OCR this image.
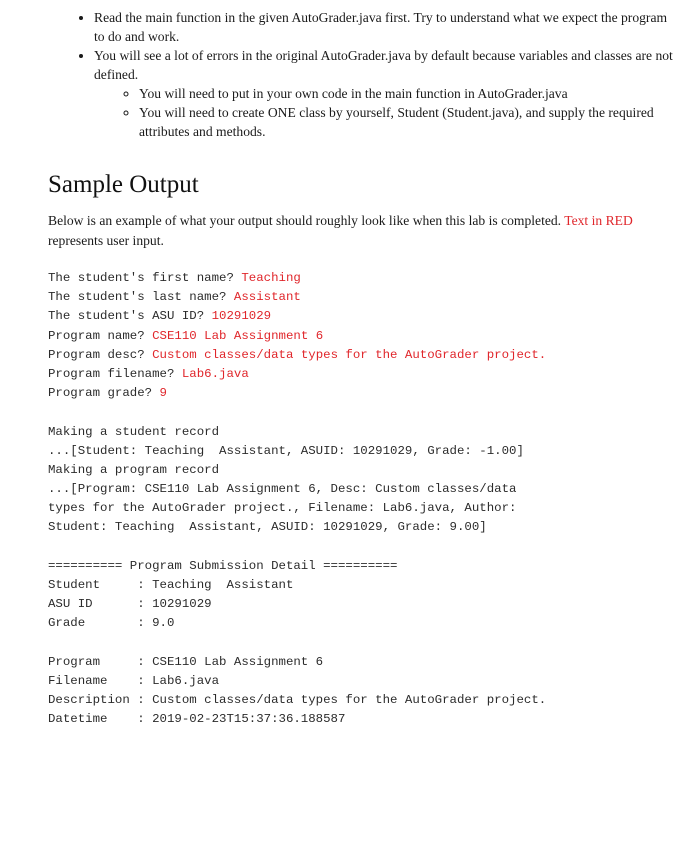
• Read the main function in the given AutoGrader.java first. Try to understand what we expect the program to do and work.
• You will see a lot of errors in the original AutoGrader.java by default because variables and classes are not defined.
◦ You will need to put in your own code in the main function in AutoGrader.java
◦ You will need to create ONE class by yourself, Student (Student.java), and supply the required attributes and methods.
Sample Output

Below is an example of what your output should roughly look like when this lab is completed. Text in RED represents user input.

The student's first name? Teaching
The student's last name? Assistant
The student's ASU ID? 10291029
Program name? CSE110 Lab Assignment 6
Program desc? Custom classes/data types for the AutoGrader project.
Program filename? Lab6.java
Program grade? 9
Making a student record
...[Student: Teaching  Assistant, ASUID: 10291029, Grade: -1.00]
Making a program record
...[Program: CSE110 Lab Assignment 6, Desc: Custom classes/data
types for the AutoGrader project., Filename: Lab6.java, Author:
Student: Teaching  Assistant, ASUID: 10291029, Grade: 9.00]
========== Program Submission Detail ==========
Student     : Teaching  Assistant
ASU ID      : 10291029
Grade       : 9.0
Program     : CSE110 Lab Assignment 6
Filename    : Lab6.java
Description : Custom classes/data types for the AutoGrader project.
Datetime    : 2019-02-23T15:37:36.188587
